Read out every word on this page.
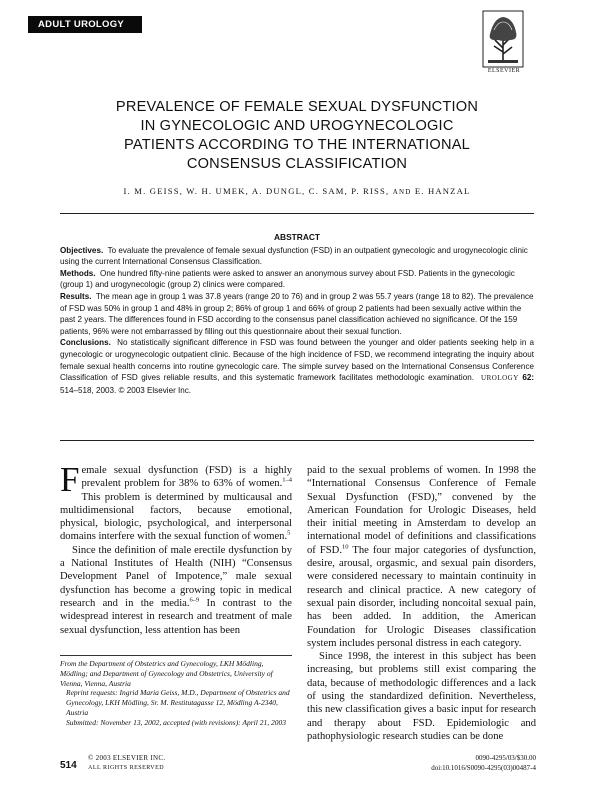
ADULT UROLOGY
ELSEVIER
PREVALENCE OF FEMALE SEXUAL DYSFUNCTION
IN GYNECOLOGIC AND UROGYNECOLOGIC
PATIENTS ACCORDING TO THE INTERNATIONAL
CONSENSUS CLASSIFICATION
I. M. GEISS, W. H. UMEK, A. DUNGL, C. SAM, P. RISS, AND E. HANZAL
ABSTRACT

Objectives. To evaluate the prevalence of female sexual dysfunction (FSD) in an outpatient gynecologic and urogynecologic clinic using the current International Consensus Classification.

Methods. One hundred fifty-nine patients were asked to answer an anonymous survey about FSD. Patients in the gynecologic (group 1) and urogynecologic (group 2) clinics were compared.

Results. The mean age in group 1 was 37.8 years (range 20 to 76) and in group 2 was 55.7 years (range 18 to 82). The prevalence of FSD was 50% in group 1 and 48% in group 2; 86% of group 1 and 66% of group 2 patients had been sexually active within the past 2 years. The differences found in FSD according to the consensus panel classification achieved no significance. Of the 159 patients, 96% were not embarrassed by filling out this questionnaire about their sexual function.

Conclusions. No statistically significant difference in FSD was found between the younger and older patients seeking help in a gynecologic or urogynecologic outpatient clinic. Because of the high incidence of FSD, we recommend integrating the inquiry about female sexual health concerns into routine gynecologic care. The simple survey based on the International Consensus Conference Classification of FSD gives reliable results, and this systematic framework facilitates methodologic examination. UROLOGY 62: 514–518, 2003. © 2003 Elsevier Inc.

Female sexual dysfunction (FSD) is a highly prevalent problem for 38% to 63% of women.$^{1-4}$ This problem is determined by multicausal and multidimensional factors, because emotional, physical, biologic, psychological, and interpersonal domains interfere with the sexual function of women.$^5$

Since the definition of male erectile dysfunction by a National Institutes of Health (NIH) “Consensus Development Panel of Impotence,” male sexual dysfunction has become a growing topic in medical research and in the media.$^{6-9}$ In contrast to the widespread interest in research and treatment of male sexual dysfunction, less attention has been

From the Department of Obstetrics and Gynecology, LKH Mödling, Mödling; and Department of Gynecology and Obstetrics, University of Vienna, Vienna, Austria

Reprint requests: Ingrid Maria Geiss, M.D., Department of Obstetrics and Gynecology, LKH Mödling, Sr. M. Restitutagasse 12, Mödling A-2340, Austria

Submitted: November 13, 2002, accepted (with revisions): April 21, 2003

paid to the sexual problems of women. In 1998 the “International Consensus Conference of Female Sexual Dysfunction (FSD),” convened by the American Foundation for Urologic Diseases, held their initial meeting in Amsterdam to develop an international model of definitions and classifications of FSD.$^{10}$ The four major categories of dysfunction, desire, arousal, orgasmic, and sexual pain disorders, were considered necessary to maintain continuity in research and clinical practice. A new category of sexual pain disorder, including noncoital sexual pain, has been added. In addition, the American Foundation for Urologic Diseases classification system includes personal distress in each category.

Since 1998, the interest in this subject has been increasing, but problems still exist comparing the data, because of methodologic differences and a lack of using the standardized definition. Nevertheless, this new classification gives a basic input for research and therapy about FSD. Epidemiologic and pathophysiologic research studies can be done

514
© 2003 ELSEVIER INC.
ALL RIGHTS RESERVED
0090-4295/03/$30.00
doi:10.1016/S0090-4295(03)00487-4
